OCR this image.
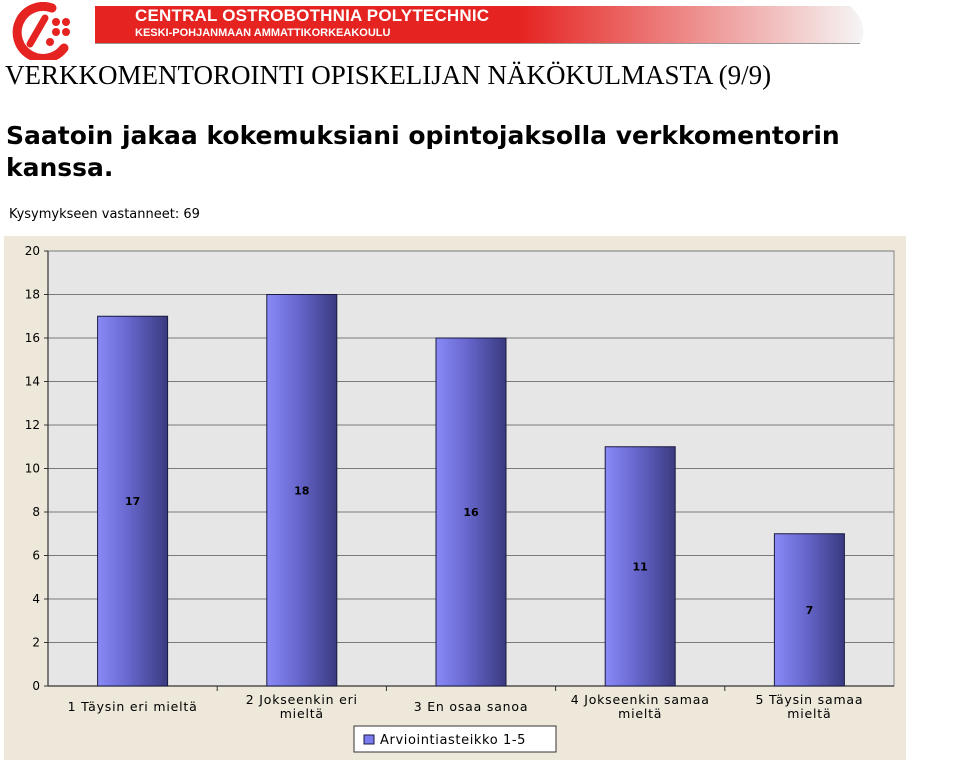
CENTRAL OSTROBOTHNIA POLYTECHNIC
KESKI-POHJANMAAN AMMATTIKORKEAKOULU
VERKKOMENTOROINTI OPISKELIJAN NÄKÖKULMASTA (9/9)
Saatoin jakaa kokemuksiani opintojaksolla verkkomentorin kanssa.
Kysymykseen vastanneet: 69
0
2
4
6
8
10
12
14
16
18
20
17
1 Täysin eri mieltä
18
2 Jokseenkin eri
mieltä
16
3 En osaa sanoa
11
4 Jokseenkin samaa
mieltä
7
5 Täysin samaa
mieltä
Arviointiasteikko 1-5
